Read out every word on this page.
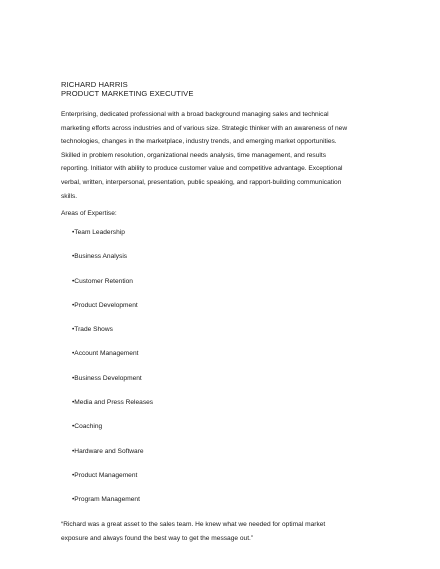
RICHARD HARRIS
PRODUCT MARKETING EXECUTIVE
Enterprising, dedicated professional with a broad background managing sales and technical
marketing efforts across industries and of various size. Strategic thinker with an awareness of new
technologies, changes in the marketplace, industry trends, and emerging market opportunities.
Skilled in problem resolution, organizational needs analysis, time management, and results
reporting. Initiator with ability to produce customer value and competitive advantage. Exceptional
verbal, written, interpersonal, presentation, public speaking, and rapport-building communication
skills.
Areas of Expertise:
•Team Leadership
•Business Analysis
•Customer Retention
•Product Development
•Trade Shows
•Account Management
•Business Development
•Media and Press Releases
•Coaching
•Hardware and Software
•Product Management
•Program Management
“Richard was a great asset to the sales team. He knew what we needed for optimal market
exposure and always found the best way to get the message out.”
